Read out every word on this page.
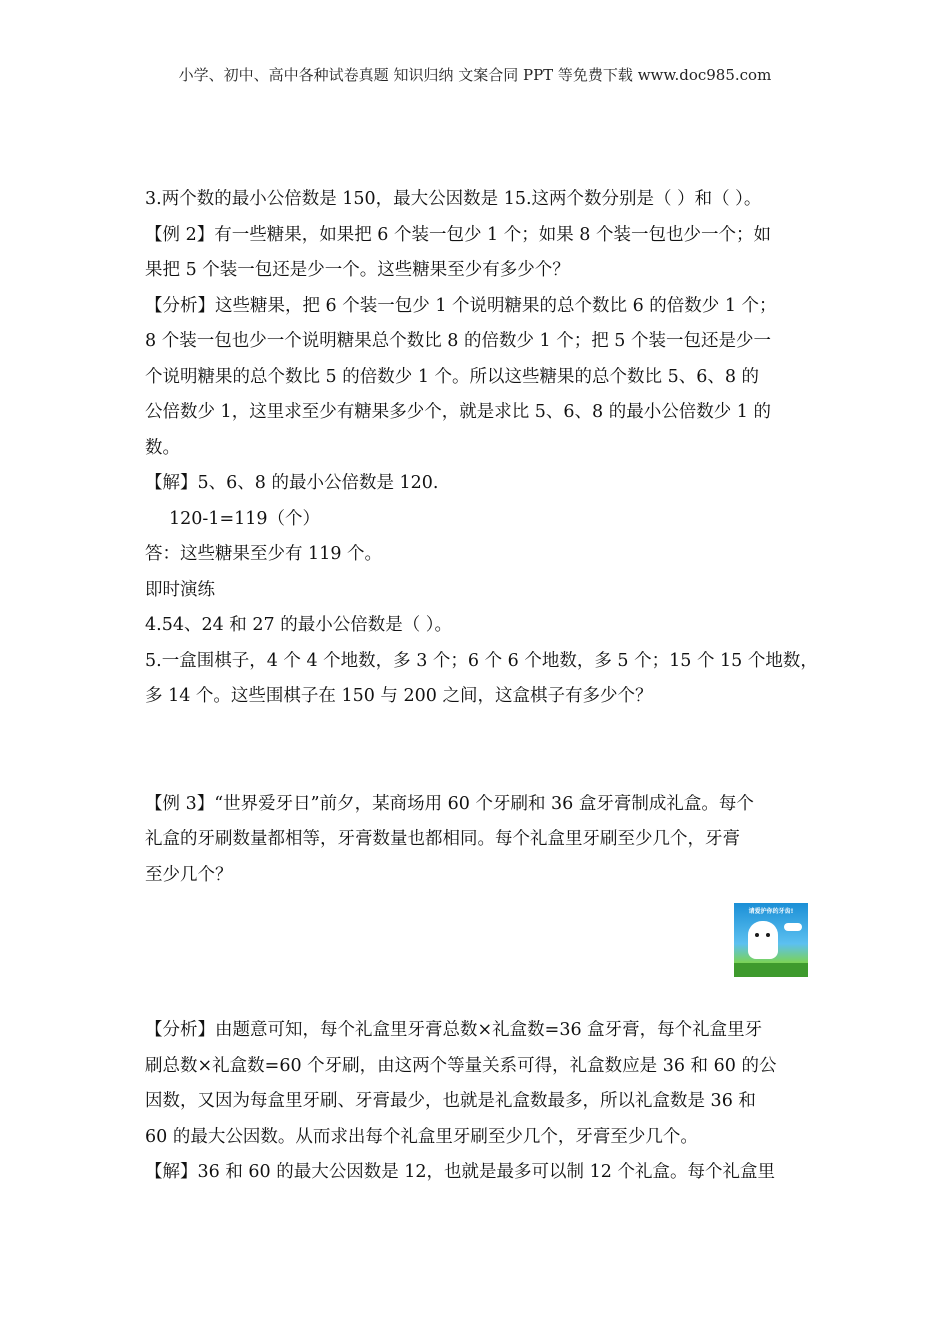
小学、初中、高中各种试卷真题 知识归纳 文案合同 PPT 等免费下载 www.doc985.com
3.两个数的最小公倍数是 150，最大公因数是 15.这两个数分别是（ ）和（ ）。
【例 2】有一些糖果，如果把 6 个装一包少 1 个；如果 8 个装一包也少一个；如
果把 5 个装一包还是少一个。这些糖果至少有多少个？
【分析】这些糖果，把 6 个装一包少 1 个说明糖果的总个数比 6 的倍数少 1 个；
8 个装一包也少一个说明糖果总个数比 8 的倍数少 1 个；把 5 个装一包还是少一
个说明糖果的总个数比 5 的倍数少 1 个。所以这些糖果的总个数比 5、6、8 的
公倍数少 1，这里求至少有糖果多少个，就是求比 5、6、8 的最小公倍数少 1 的
数。
【解】5、6、8 的最小公倍数是 120.
120-1=119（个）
答：这些糖果至少有 119 个。
即时演练
4.54、24 和 27 的最小公倍数是（ ）。
5.一盒围棋子，4 个 4 个地数，多 3 个；6 个 6 个地数，多 5 个；15 个 15 个地数，
多 14 个。这些围棋子在 150 与 200 之间，这盒棋子有多少个？
【例 3】“世界爱牙日”前夕，某商场用 60 个牙刷和 36 盒牙膏制成礼盒。每个
礼盒的牙刷数量都相等，牙膏数量也都相同。每个礼盒里牙刷至少几个，牙膏
至少几个？
请爱护你的牙齿!
【分析】由题意可知，每个礼盒里牙膏总数×礼盒数=36 盒牙膏，每个礼盒里牙
刷总数×礼盒数=60 个牙刷，由这两个等量关系可得，礼盒数应是 36 和 60 的公
因数，又因为每盒里牙刷、牙膏最少，也就是礼盒数最多，所以礼盒数是 36 和
60 的最大公因数。从而求出每个礼盒里牙刷至少几个，牙膏至少几个。
【解】36 和 60 的最大公因数是 12，也就是最多可以制 12 个礼盒。每个礼盒里
